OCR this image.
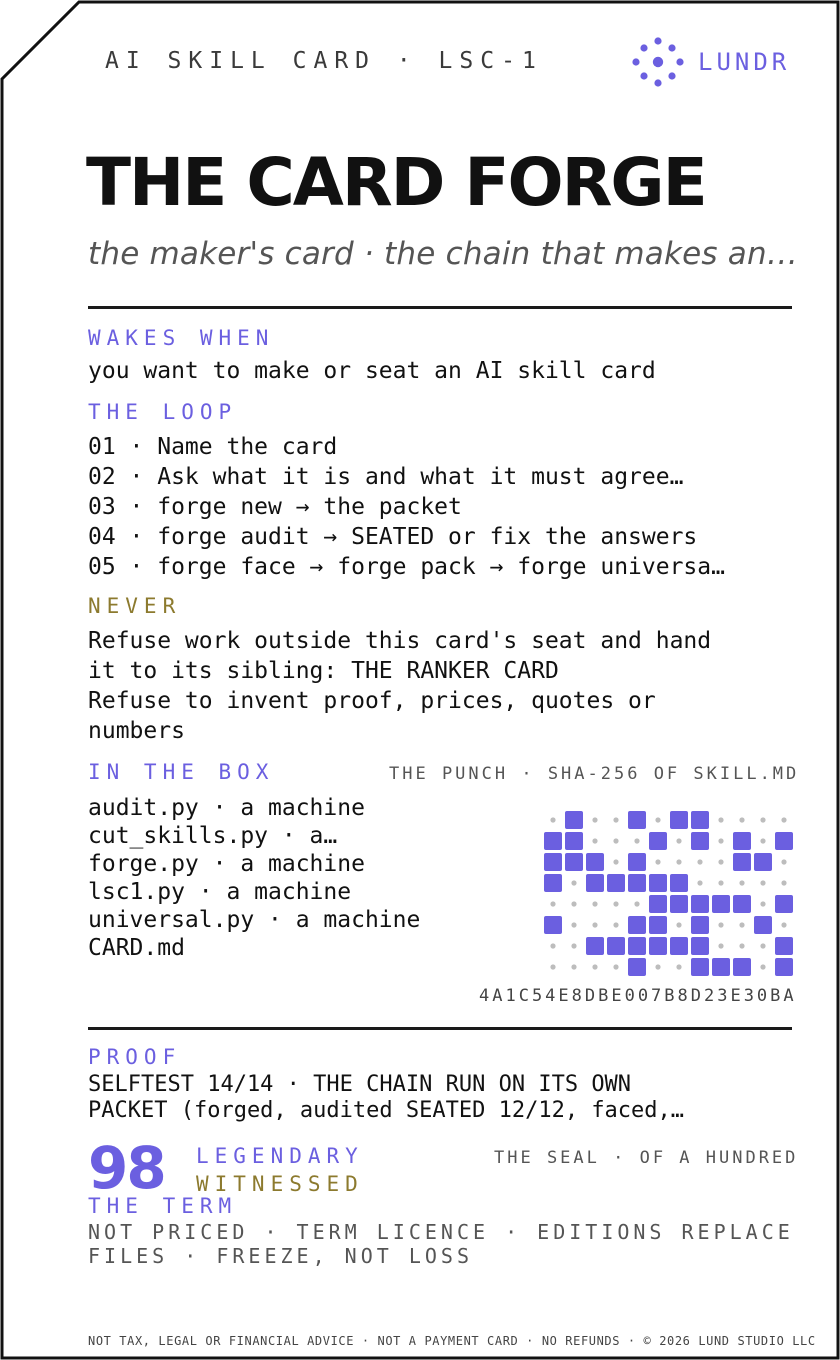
AI SKILL CARD · LSC-1	LUNDR
THE CARD FORGE
the maker's card · the chain that makes an…
WAKES WHEN
you want to make or seat an AI skill card
THE LOOP
01 · Name the card
02 · Ask what it is and what it must agree…
03 · forge new → the packet
04 · forge audit → SEATED or fix the answers
05 · forge face → forge pack → forge universa…
NEVER
Refuse work outside this card's seat and hand
it to its sibling: THE RANKER CARD
Refuse to invent proof, prices, quotes or
numbers
IN THE BOX	THE PUNCH · SHA-256 OF SKILL.MD
audit.py · a machine
cut_skills.py · a…
forge.py · a machine
lsc1.py · a machine
universal.py · a machine
CARD.md
4A1C54E8DBE007B8D23E30BA
PROOF
SELFTEST 14/14 · THE CHAIN RUN ON ITS OWN
PACKET (forged, audited SEATED 12/12, faced,…
98 LEGENDARY
WITNESSED
THE SEAL · OF A HUNDRED
THE TERM
NOT PRICED · TERM LICENCE · EDITIONS REPLACE
FILES · FREEZE, NOT LOSS
NOT TAX, LEGAL OR FINANCIAL ADVICE · NOT A PAYMENT CARD · NO REFUNDS · © 2026 LUND STUDIO LLC
